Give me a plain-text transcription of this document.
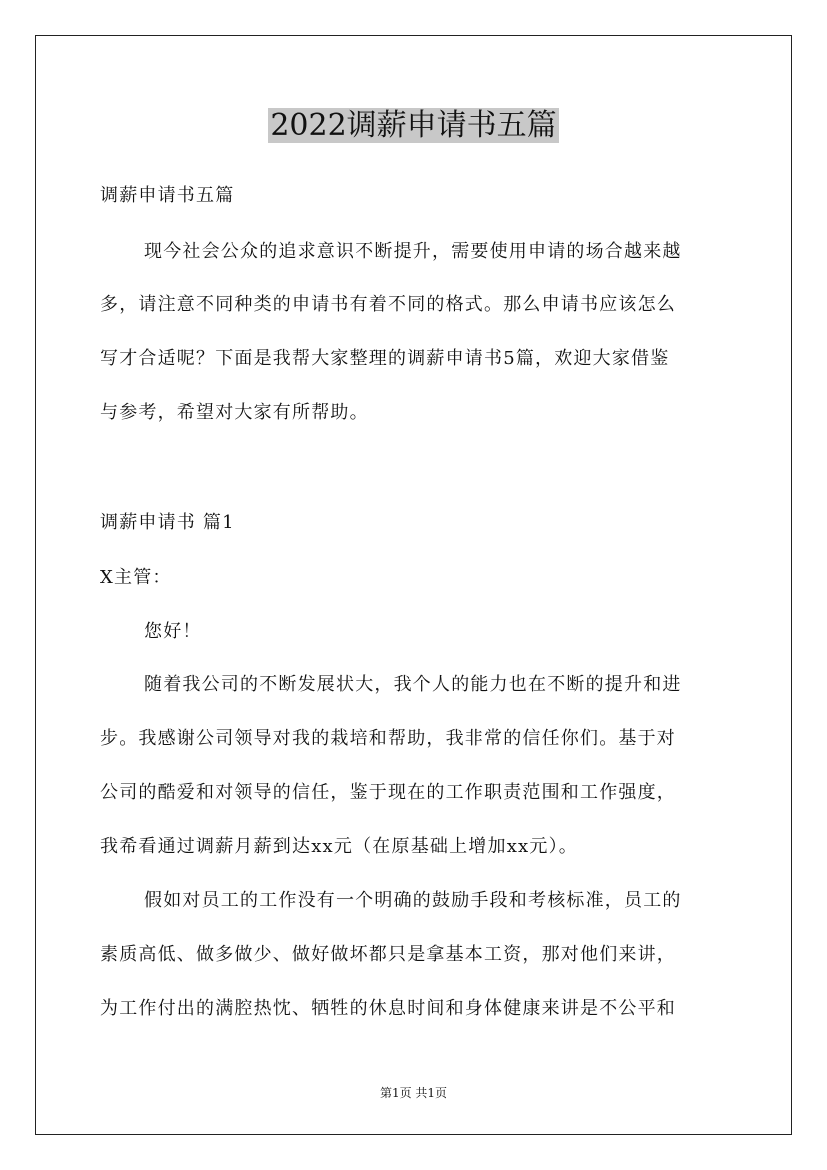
2022调薪申请书五篇
调薪申请书五篇
现今社会公众的追求意识不断提升，需要使用申请的场合越来越
多，请注意不同种类的申请书有着不同的格式。那么申请书应该怎么
写才合适呢？下面是我帮大家整理的调薪申请书5篇，欢迎大家借鉴
与参考，希望对大家有所帮助。
调薪申请书 篇1
X主管：
您好！
随着我公司的不断发展状大，我个人的能力也在不断的提升和进
步。我感谢公司领导对我的栽培和帮助，我非常的信任你们。基于对
公司的酷爱和对领导的信任，鉴于现在的工作职责范围和工作强度，
我希看通过调薪月薪到达xx元（在原基础上增加xx元）。
假如对员工的工作没有一个明确的鼓励手段和考核标准，员工的
素质高低、做多做少、做好做坏都只是拿基本工资，那对他们来讲，
为工作付出的满腔热忱、牺牲的休息时间和身体健康来讲是不公平和
第1页 共1页
